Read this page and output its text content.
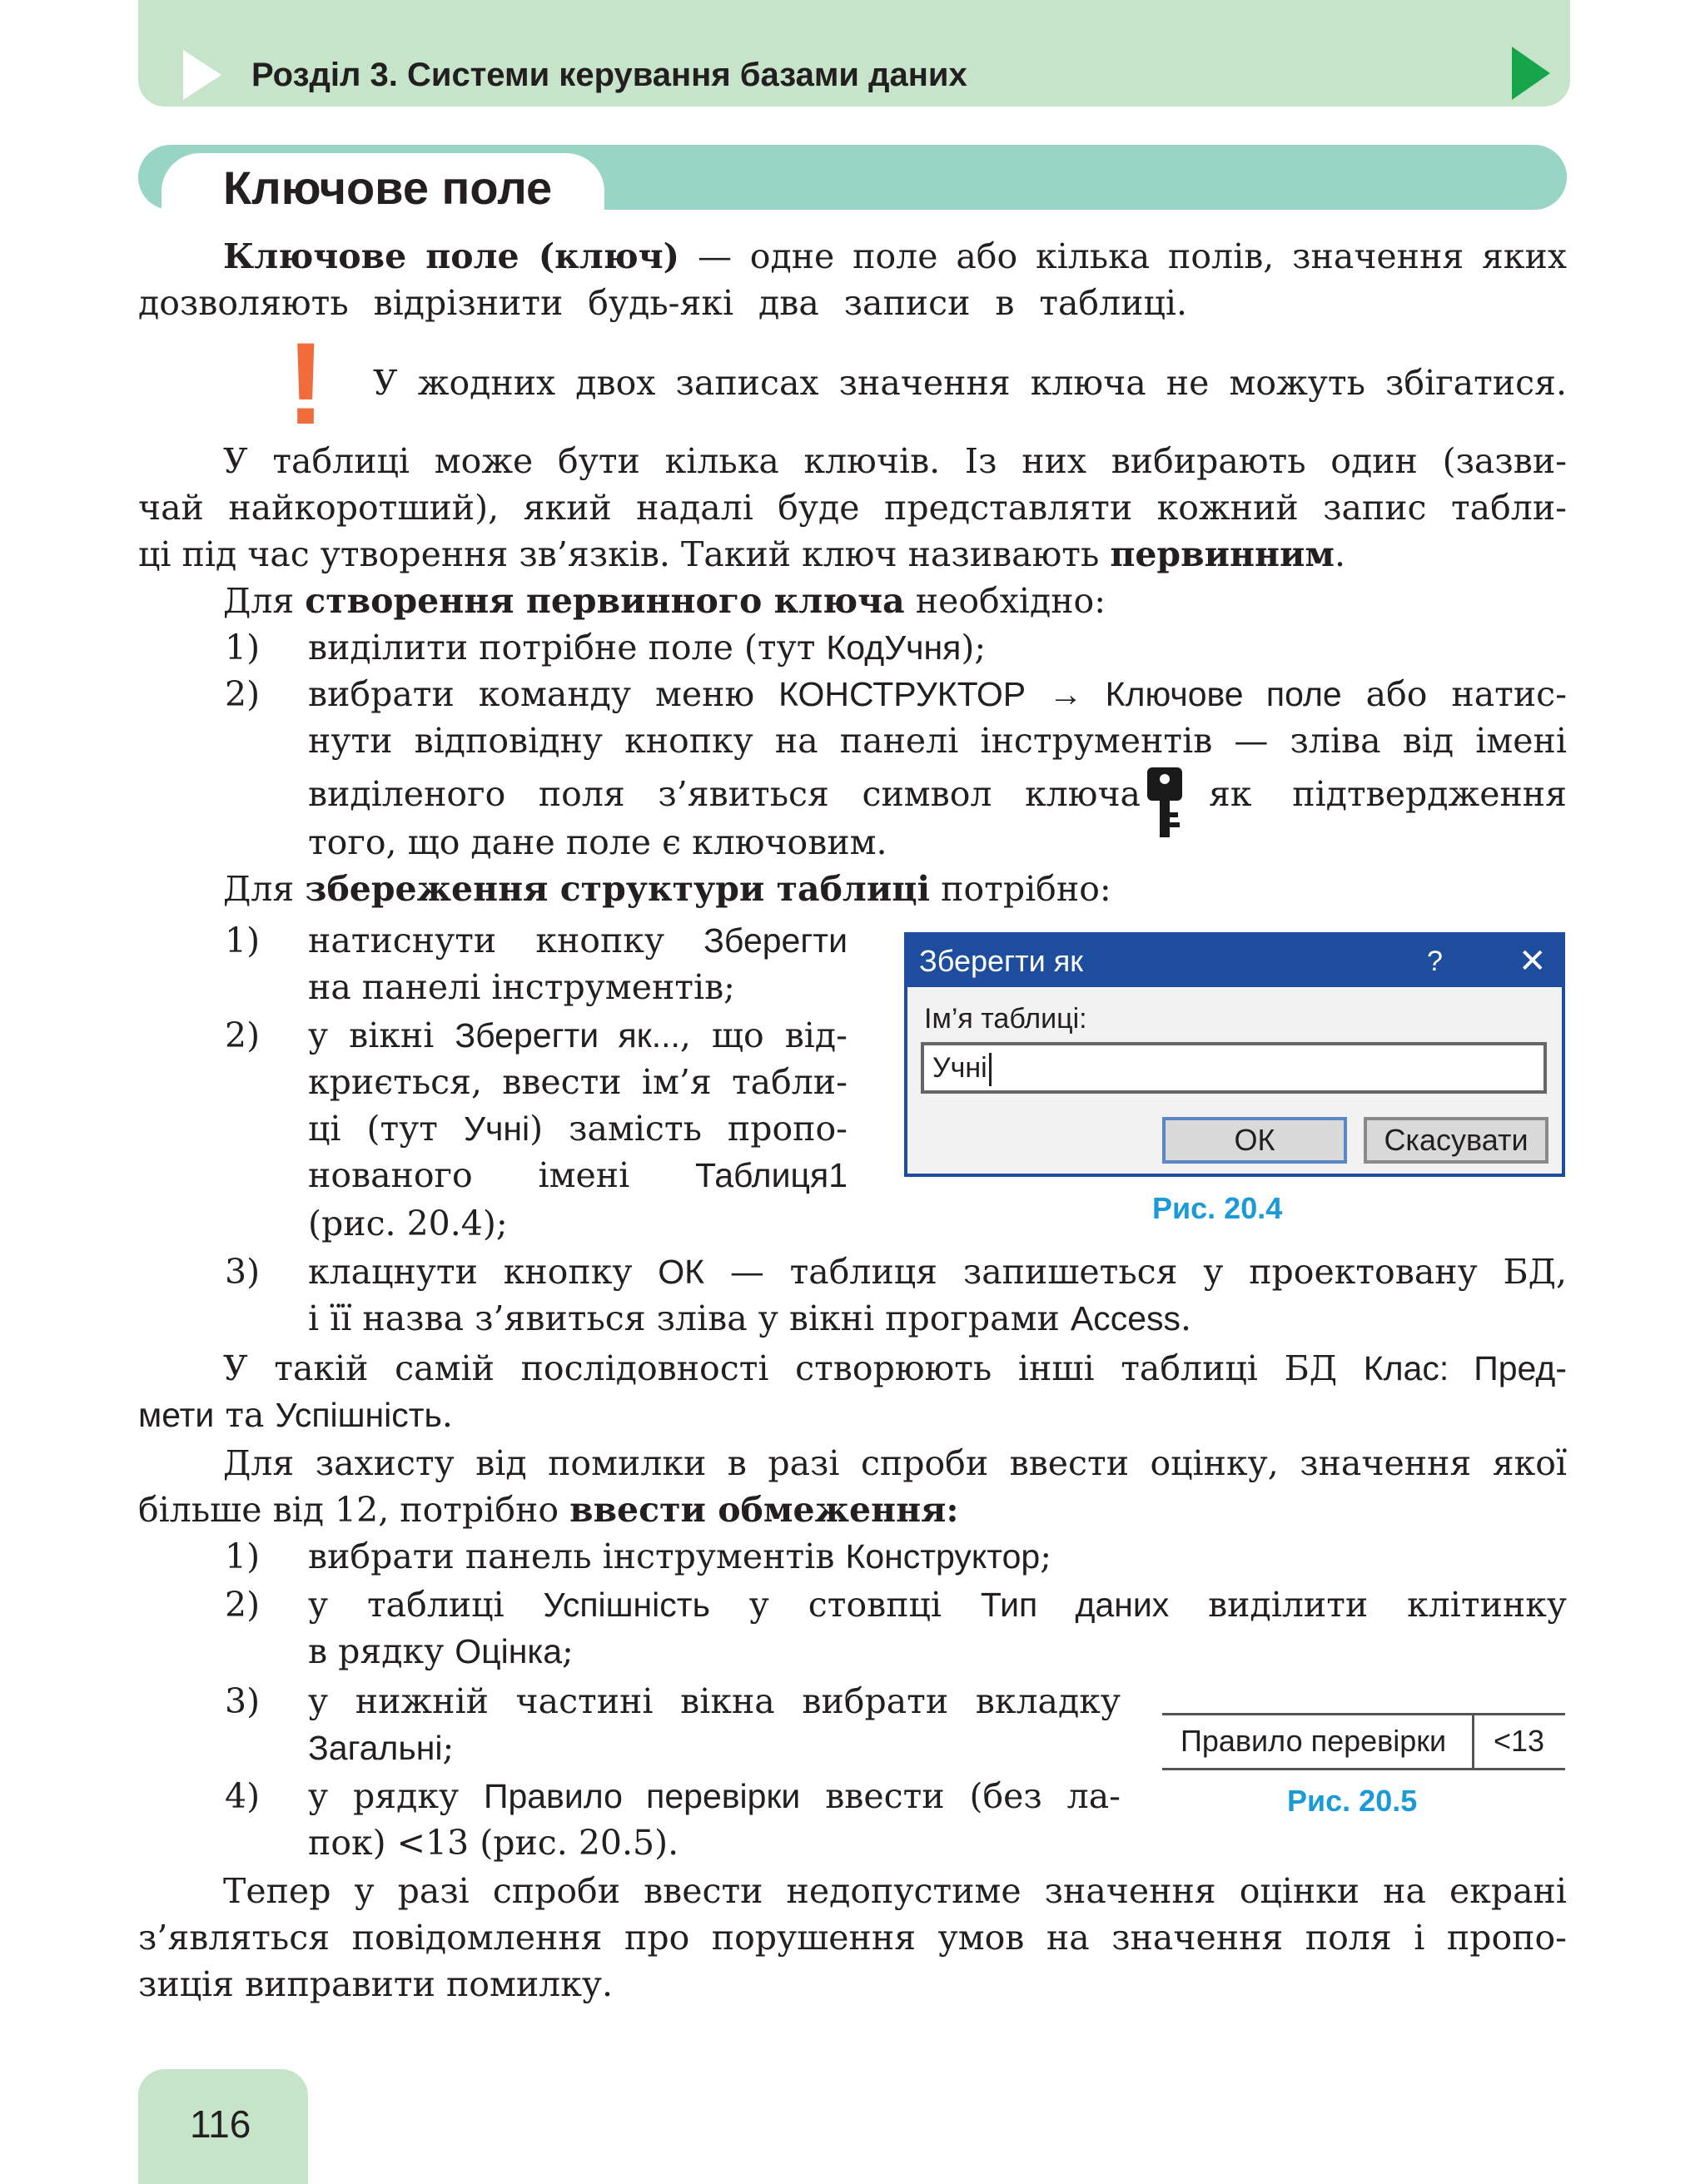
Розділ 3. Системи керування базами даних
Ключове поле
Ключове поле (ключ) — одне поле або кілька полів, значення яких
дозволяють відрізнити будь-які два записи в таблиці.
! У жодних двох записах значення ключа не можуть збігатися.
У таблиці може бути кілька ключів. Із них вибирають один (зазви-
чай найкоротший), який надалі буде представляти кожний запис табли-
ці під час утворення зв’язків. Такий ключ називають первинним.
Для створення первинного ключа необхідно:
1) виділити потрібне поле (тут КодУчня);
2) вибрати команду меню КОНСТРУКТОР → Ключове поле або натис-
нути відповідну кнопку на панелі інструментів — зліва від імені
виділеного поля з’явиться символ ключа як підтвердження
того, що дане поле є ключовим.
Для збереження структури таблиці потрібно:
1) натиснути кнопку Зберегти
на панелі інструментів;
2) у вікні Зберегти як..., що від-
криється, ввести ім’я табли-
ці (тут Учні) замість пропо-
нованого імені Таблиця1
(рис. 20.4);
3) клацнути кнопку ОК — таблиця запишеться у проектовану БД,
і її назва з’явиться зліва у вікні програми Access.
Зберегти як	? ✕
Ім’я таблиці:
Учні
ОК	Скасувати
Рис. 20.4
У такій самій послідовності створюють інші таблиці БД Клас: Пред-
мети та Успішність.
Для захисту від помилки в разі спроби ввести оцінку, значення якої
більше від 12, потрібно ввести обмеження:
1) вибрати панель інструментів Конструктор;
2) у таблиці Успішність у стовпці Тип даних виділити клітинку
в рядку Оцінка;
3) у нижній частині вікна вибрати вкладку
Загальні;
4) у рядку Правило перевірки ввести (без ла-
пок) <13 (рис. 20.5).
Правило перевірки <13
Рис. 20.5
Тепер у разі спроби ввести недопустиме значення оцінки на екрані
з’являться повідомлення про порушення умов на значення поля і пропо-
зиція виправити помилку.
116
